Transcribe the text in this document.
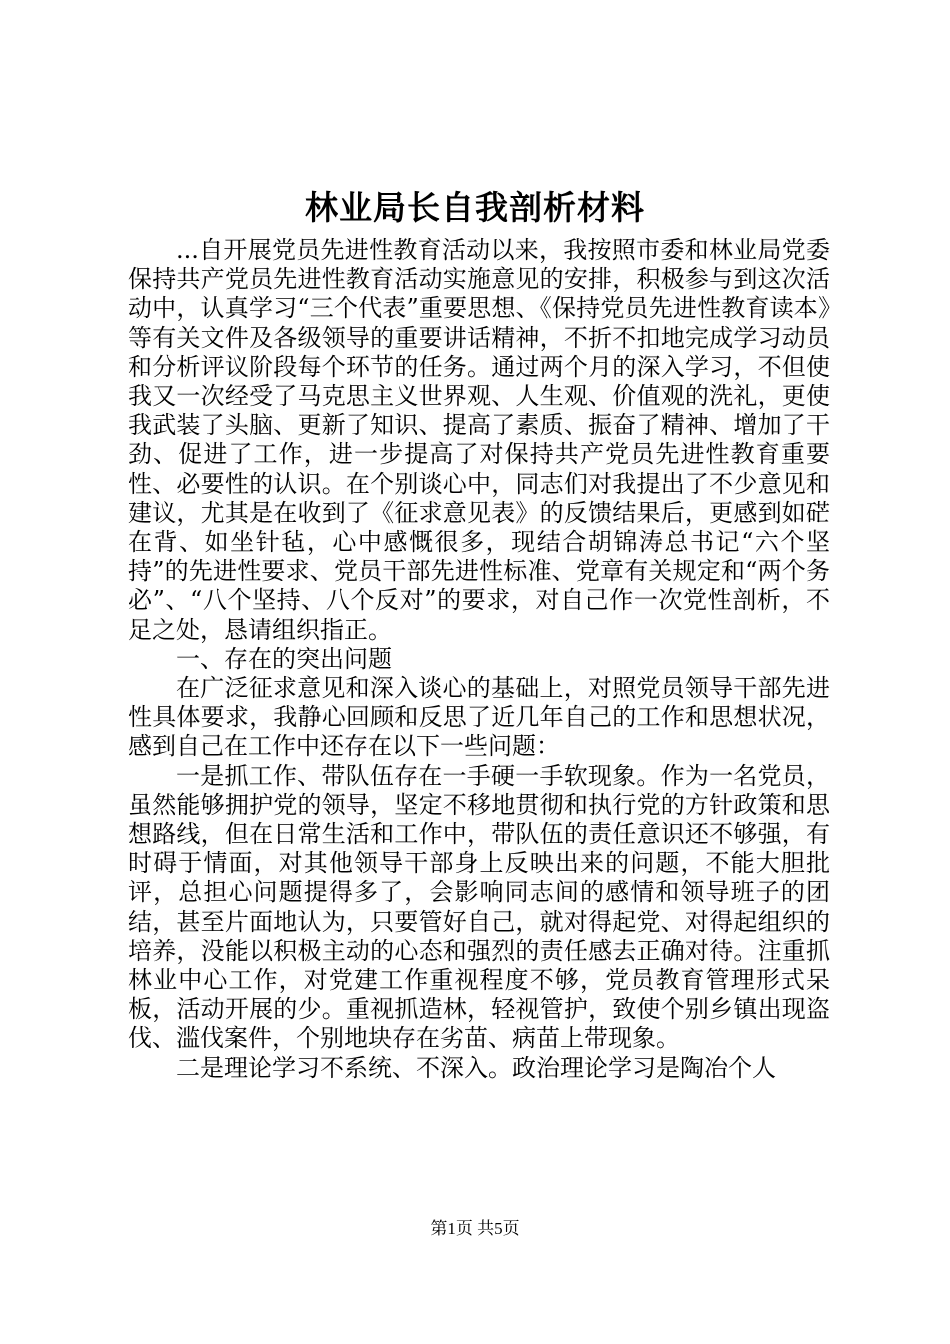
林业局长自我剖析材料

...自开展党员先进性教育活动以来，我按照市委和林业局党委保持共产党员先进性教育活动实施意见的安排，积极参与到这次活动中，认真学习“三个代表”重要思想、《保持党员先进性教育读本》等有关文件及各级领导的重要讲话精神，不折不扣地完成学习动员和分析评议阶段每个环节的任务。通过两个月的深入学习，不但使我又一次经受了马克思主义世界观、人生观、价值观的洗礼，更使我武装了头脑、更新了知识、提高了素质、振奋了精神、增加了干劲、促进了工作，进一步提高了对保持共产党员先进性教育重要性、必要性的认识。在个别谈心中，同志们对我提出了不少意见和建议，尤其是在收到了《征求意见表》的反馈结果后，更感到如硭在背、如坐针毡，心中感慨很多，现结合胡锦涛总书记“六个坚持”的先进性要求、党员干部先进性标准、党章有关规定和“两个务必”、“八个坚持、八个反对”的要求，对自己作一次党性剖析，不足之处，恳请组织指正。

一、存在的突出问题

在广泛征求意见和深入谈心的基础上，对照党员领导干部先进性具体要求，我静心回顾和反思了近几年自己的工作和思想状况，感到自己在工作中还存在以下一些问题：

一是抓工作、带队伍存在一手硬一手软现象。作为一名党员，虽然能够拥护党的领导，坚定不移地贯彻和执行党的方针政策和思想路线，但在日常生活和工作中，带队伍的责任意识还不够强，有时碍于情面，对其他领导干部身上反映出来的问题，不能大胆批评，总担心问题提得多了，会影响同志间的感情和领导班子的团结，甚至片面地认为，只要管好自己，就对得起党、对得起组织的培养，没能以积极主动的心态和强烈的责任感去正确对待。注重抓林业中心工作，对党建工作重视程度不够，党员教育管理形式呆板，活动开展的少。重视抓造林，轻视管护，致使个别乡镇出现盗伐、滥伐案件，个别地块存在劣苗、病苗上带现象。

二是理论学习不系统、不深入。政治理论学习是陶冶个人

第1页 共5页
